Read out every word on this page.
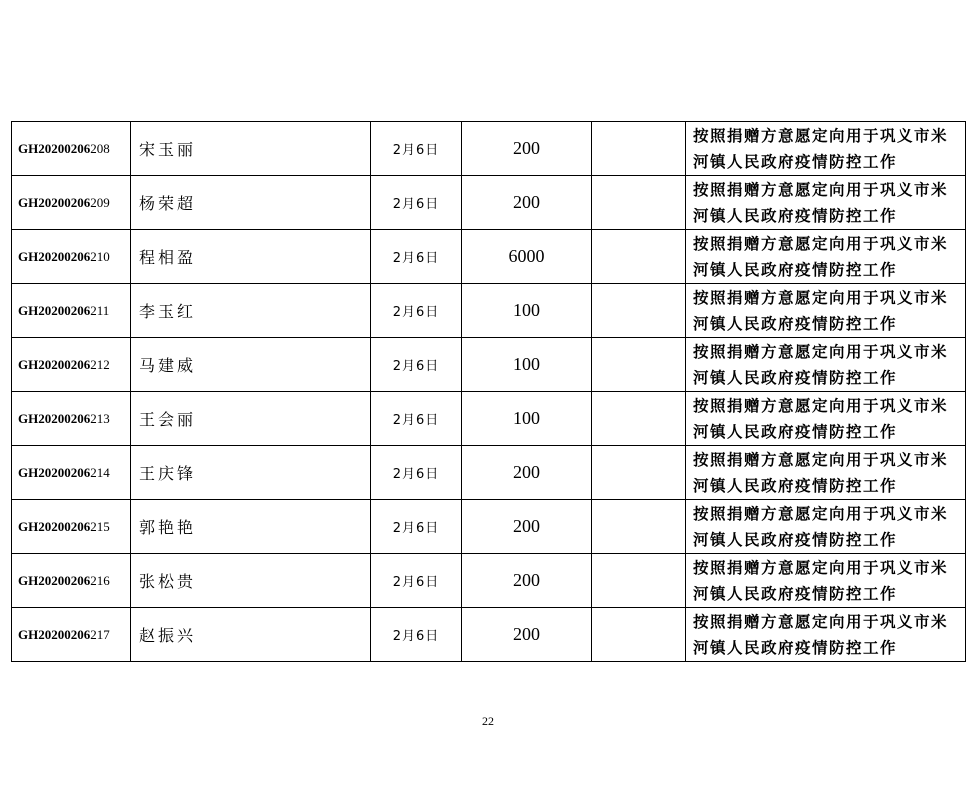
GH20200206208	宋玉丽	2月6日	200		按照捐赠方意愿定向用于巩义市米河镇人民政府疫情防控工作
GH20200206209	杨荣超	2月6日	200		按照捐赠方意愿定向用于巩义市米河镇人民政府疫情防控工作
GH20200206210	程相盈	2月6日	6000		按照捐赠方意愿定向用于巩义市米河镇人民政府疫情防控工作
GH20200206211	李玉红	2月6日	100		按照捐赠方意愿定向用于巩义市米河镇人民政府疫情防控工作
GH20200206212	马建威	2月6日	100		按照捐赠方意愿定向用于巩义市米河镇人民政府疫情防控工作
GH20200206213	王会丽	2月6日	100		按照捐赠方意愿定向用于巩义市米河镇人民政府疫情防控工作
GH20200206214	王庆锋	2月6日	200		按照捐赠方意愿定向用于巩义市米河镇人民政府疫情防控工作
GH20200206215	郭艳艳	2月6日	200		按照捐赠方意愿定向用于巩义市米河镇人民政府疫情防控工作
GH20200206216	张松贵	2月6日	200		按照捐赠方意愿定向用于巩义市米河镇人民政府疫情防控工作
GH20200206217	赵振兴	2月6日	200		按照捐赠方意愿定向用于巩义市米河镇人民政府疫情防控工作
22
